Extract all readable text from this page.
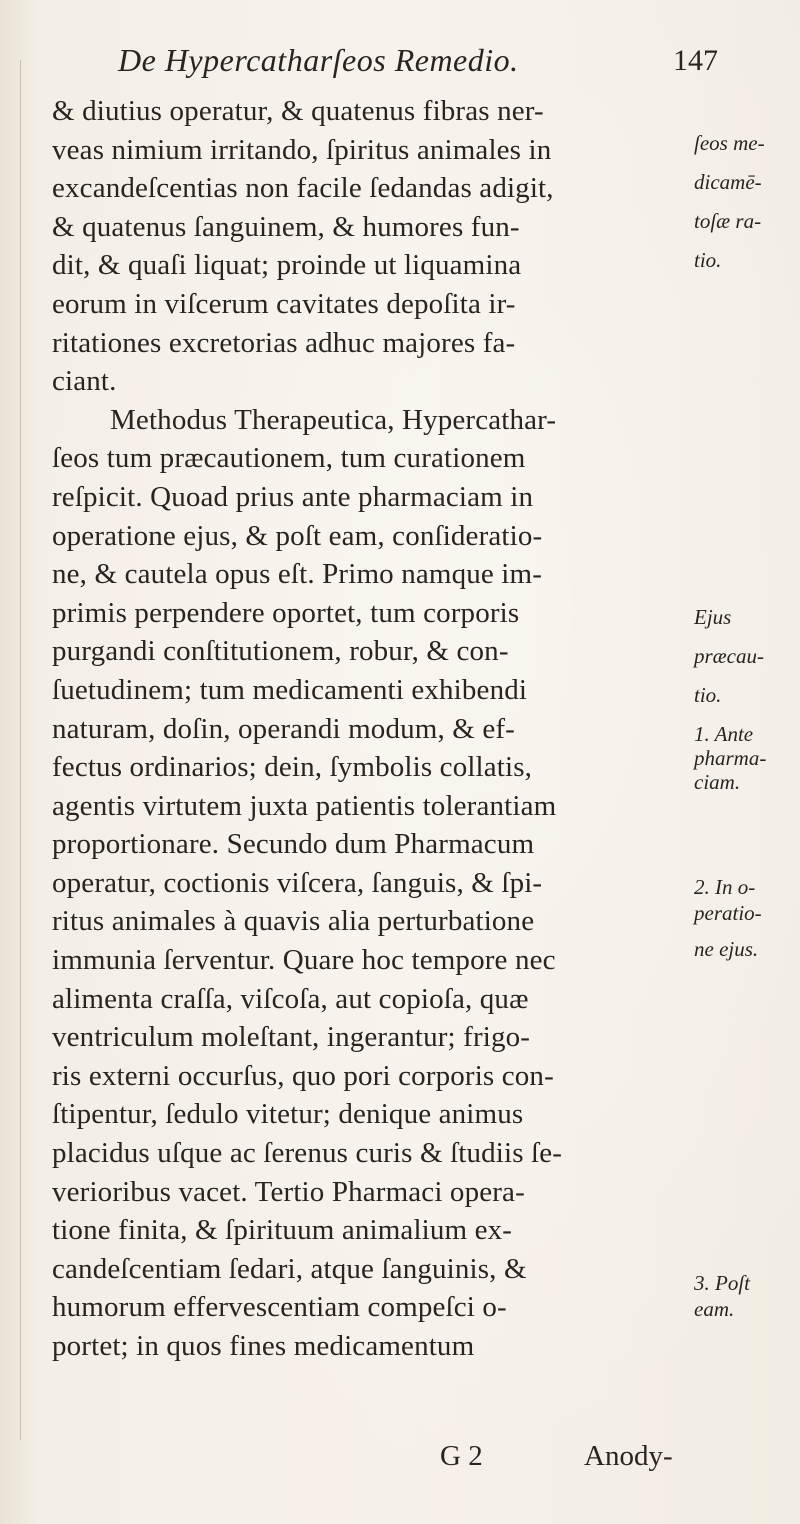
De Hypercatharſeos Remedio.	147
& diutius operatur, & quatenus fibras ner-
veas nimium irritando, ſpiritus animales in
excandeſcentias non facile ſedandas adigit,
& quatenus ſanguinem, & humores fun-
dit, & quaſi liquat; proinde ut liquamina
eorum in viſcerum cavitates depoſita ir-
ritationes excretorias adhuc majores fa-
ciant.
Methodus Therapeutica, Hypercathar-
ſeos tum præcautionem, tum curationem
reſpicit. Quoad prius ante pharmaciam in
operatione ejus, & poſt eam, conſideratio-
ne, & cautela opus eſt. Primo namque im-
primis perpendere oportet, tum corporis
purgandi conſtitutionem, robur, & con-
ſuetudinem; tum medicamenti exhibendi
naturam, doſin, operandi modum, & ef-
fectus ordinarios; dein, ſymbolis collatis,
agentis virtutem juxta patientis tolerantiam
proportionare. Secundo dum Pharmacum
operatur, coctionis viſcera, ſanguis, & ſpi-
ritus animales à quavis alia perturbatione
immunia ſerventur. Quare hoc tempore nec
alimenta craſſa, viſcoſa, aut copioſa, quæ
ventriculum moleſtant, ingerantur; frigo-
ris externi occurſus, quo pori corporis con-
ſtipentur, ſedulo vitetur; denique animus
placidus uſque ac ſerenus curis & ſtudiis ſe-
verioribus vacet. Tertio Pharmaci opera-
tione finita, & ſpirituum animalium ex-
candeſcentiam ſedari, atque ſanguinis, &
humorum effervescentiam compeſci o-
portet; in quos fines medicamentum
G 2	Anody-
ſeos me-
dicamē-
toſæ ra-
tio.
Ejus
præcau-
tio.
1. Ante
pharma-
ciam.
2. In o-
peratio-
ne ejus.
3. Poſt
eam.
